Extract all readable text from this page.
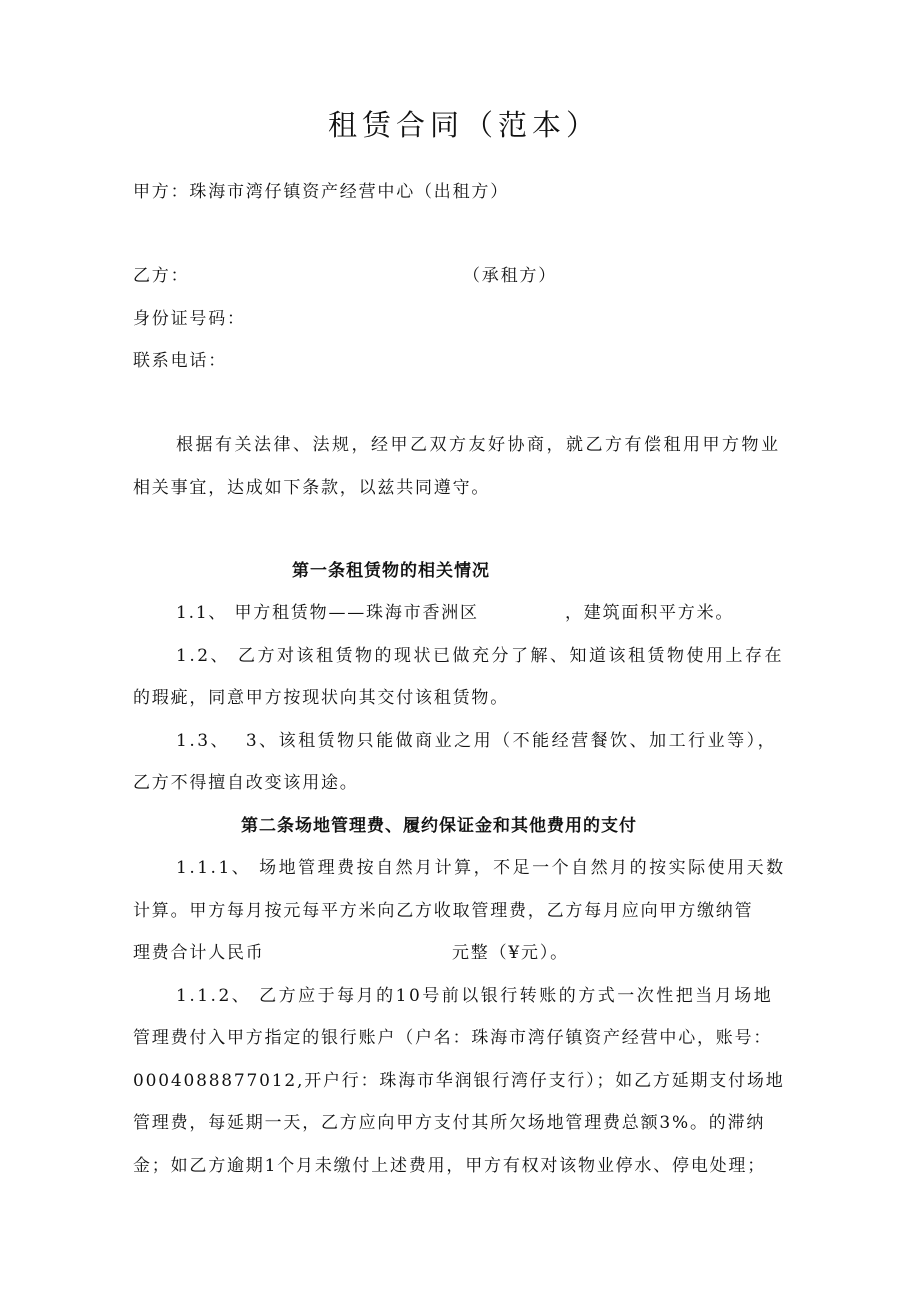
租赁合同（范本）
甲方：珠海市湾仔镇资产经营中心（出租方）
乙方：	（承租方）
身份证号码：
联系电话：
根据有关法律、法规，经甲乙双方友好协商，就乙方有偿租用甲方物业
相关事宜，达成如下条款，以兹共同遵守。
第一条租赁物的相关情况
1.1、 甲方租赁物——珠海市香洲区	，建筑面积平方米。
1.2、 乙方对该租赁物的现状已做充分了解、知道该租赁物使用上存在
的瑕疵，同意甲方按现状向其交付该租赁物。
1.3、  3、该租赁物只能做商业之用（不能经营餐饮、加工行业等），
乙方不得擅自改变该用途。
第二条场地管理费、履约保证金和其他费用的支付
1.1.1、 场地管理费按自然月计算，不足一个自然月的按实际使用天数
计算。甲方每月按元每平方米向乙方收取管理费，乙方每月应向甲方缴纳管
理费合计人民币	元整（¥元）。
1.1.2、 乙方应于每月的10号前以银行转账的方式一次性把当月场地
管理费付入甲方指定的银行账户（户名：珠海市湾仔镇资产经营中心，账号：
0004088877012,开户行：珠海市华润银行湾仔支行）；如乙方延期支付场地
管理费，每延期一天，乙方应向甲方支付其所欠场地管理费总额3%。的滞纳
金；如乙方逾期1个月未缴付上述费用，甲方有权对该物业停水、停电处理；
